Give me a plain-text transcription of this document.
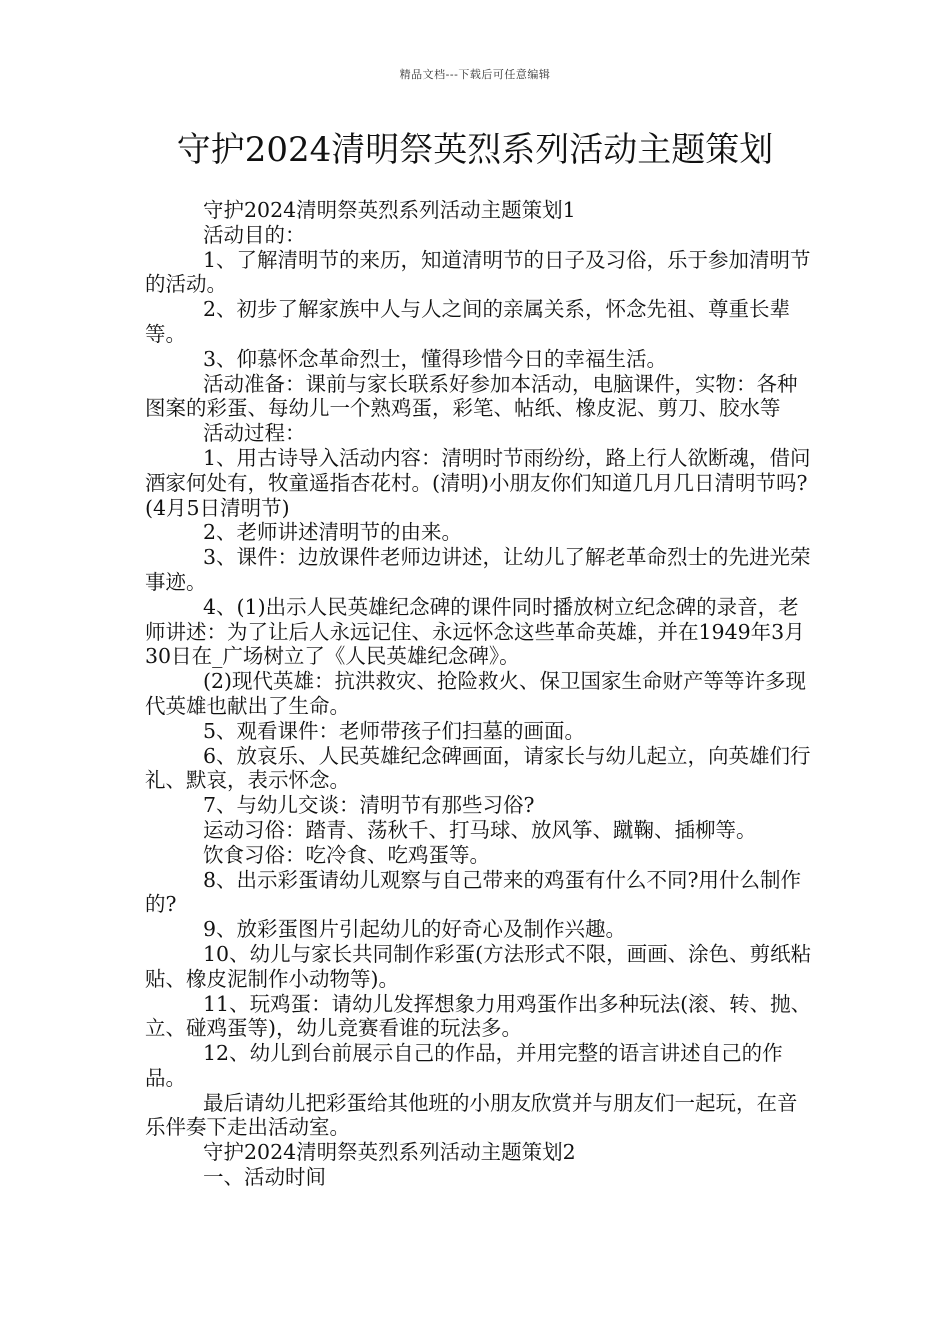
精品文档---下载后可任意编辑
守护2024清明祭英烈系列活动主题策划

守护2024清明祭英烈系列活动主题策划1

活动目的：

1、了解清明节的来历，知道清明节的日子及习俗，乐于参加清明节的活动。

2、初步了解家族中人与人之间的亲属关系，怀念先祖、尊重长辈等。

3、仰慕怀念革命烈士，懂得珍惜今日的幸福生活。

活动准备：课前与家长联系好参加本活动，电脑课件，实物：各种图案的彩蛋、每幼儿一个熟鸡蛋，彩笔、帖纸、橡皮泥、剪刀、胶水等

活动过程：

1、用古诗导入活动内容：清明时节雨纷纷，路上行人欲断魂，借问酒家何处有，牧童遥指杏花村。(清明)小朋友你们知道几月几日清明节吗?(4月5日清明节)

2、老师讲述清明节的由来。

3、课件：边放课件老师边讲述，让幼儿了解老革命烈士的先进光荣事迹。

4、(1)出示人民英雄纪念碑的课件同时播放树立纪念碑的录音，老师讲述：为了让后人永远记住、永远怀念这些革命英雄，并在1949年3月30日在_广场树立了《人民英雄纪念碑》。

(2)现代英雄：抗洪救灾、抢险救火、保卫国家生命财产等等许多现代英雄也献出了生命。

5、观看课件：老师带孩子们扫墓的画面。

6、放哀乐、人民英雄纪念碑画面，请家长与幼儿起立，向英雄们行礼、默哀，表示怀念。

7、与幼儿交谈：清明节有那些习俗?

运动习俗：踏青、荡秋千、打马球、放风筝、蹴鞠、插柳等。

饮食习俗：吃冷食、吃鸡蛋等。

8、出示彩蛋请幼儿观察与自己带来的鸡蛋有什么不同?用什么制作的?

9、放彩蛋图片引起幼儿的好奇心及制作兴趣。

10、幼儿与家长共同制作彩蛋(方法形式不限，画画、涂色、剪纸粘贴、橡皮泥制作小动物等)。

11、玩鸡蛋：请幼儿发挥想象力用鸡蛋作出多种玩法(滚、转、抛、立、碰鸡蛋等)，幼儿竞赛看谁的玩法多。

12、幼儿到台前展示自己的作品，并用完整的语言讲述自己的作品。

最后请幼儿把彩蛋给其他班的小朋友欣赏并与朋友们一起玩，在音乐伴奏下走出活动室。

守护2024清明祭英烈系列活动主题策划2

一、活动时间
